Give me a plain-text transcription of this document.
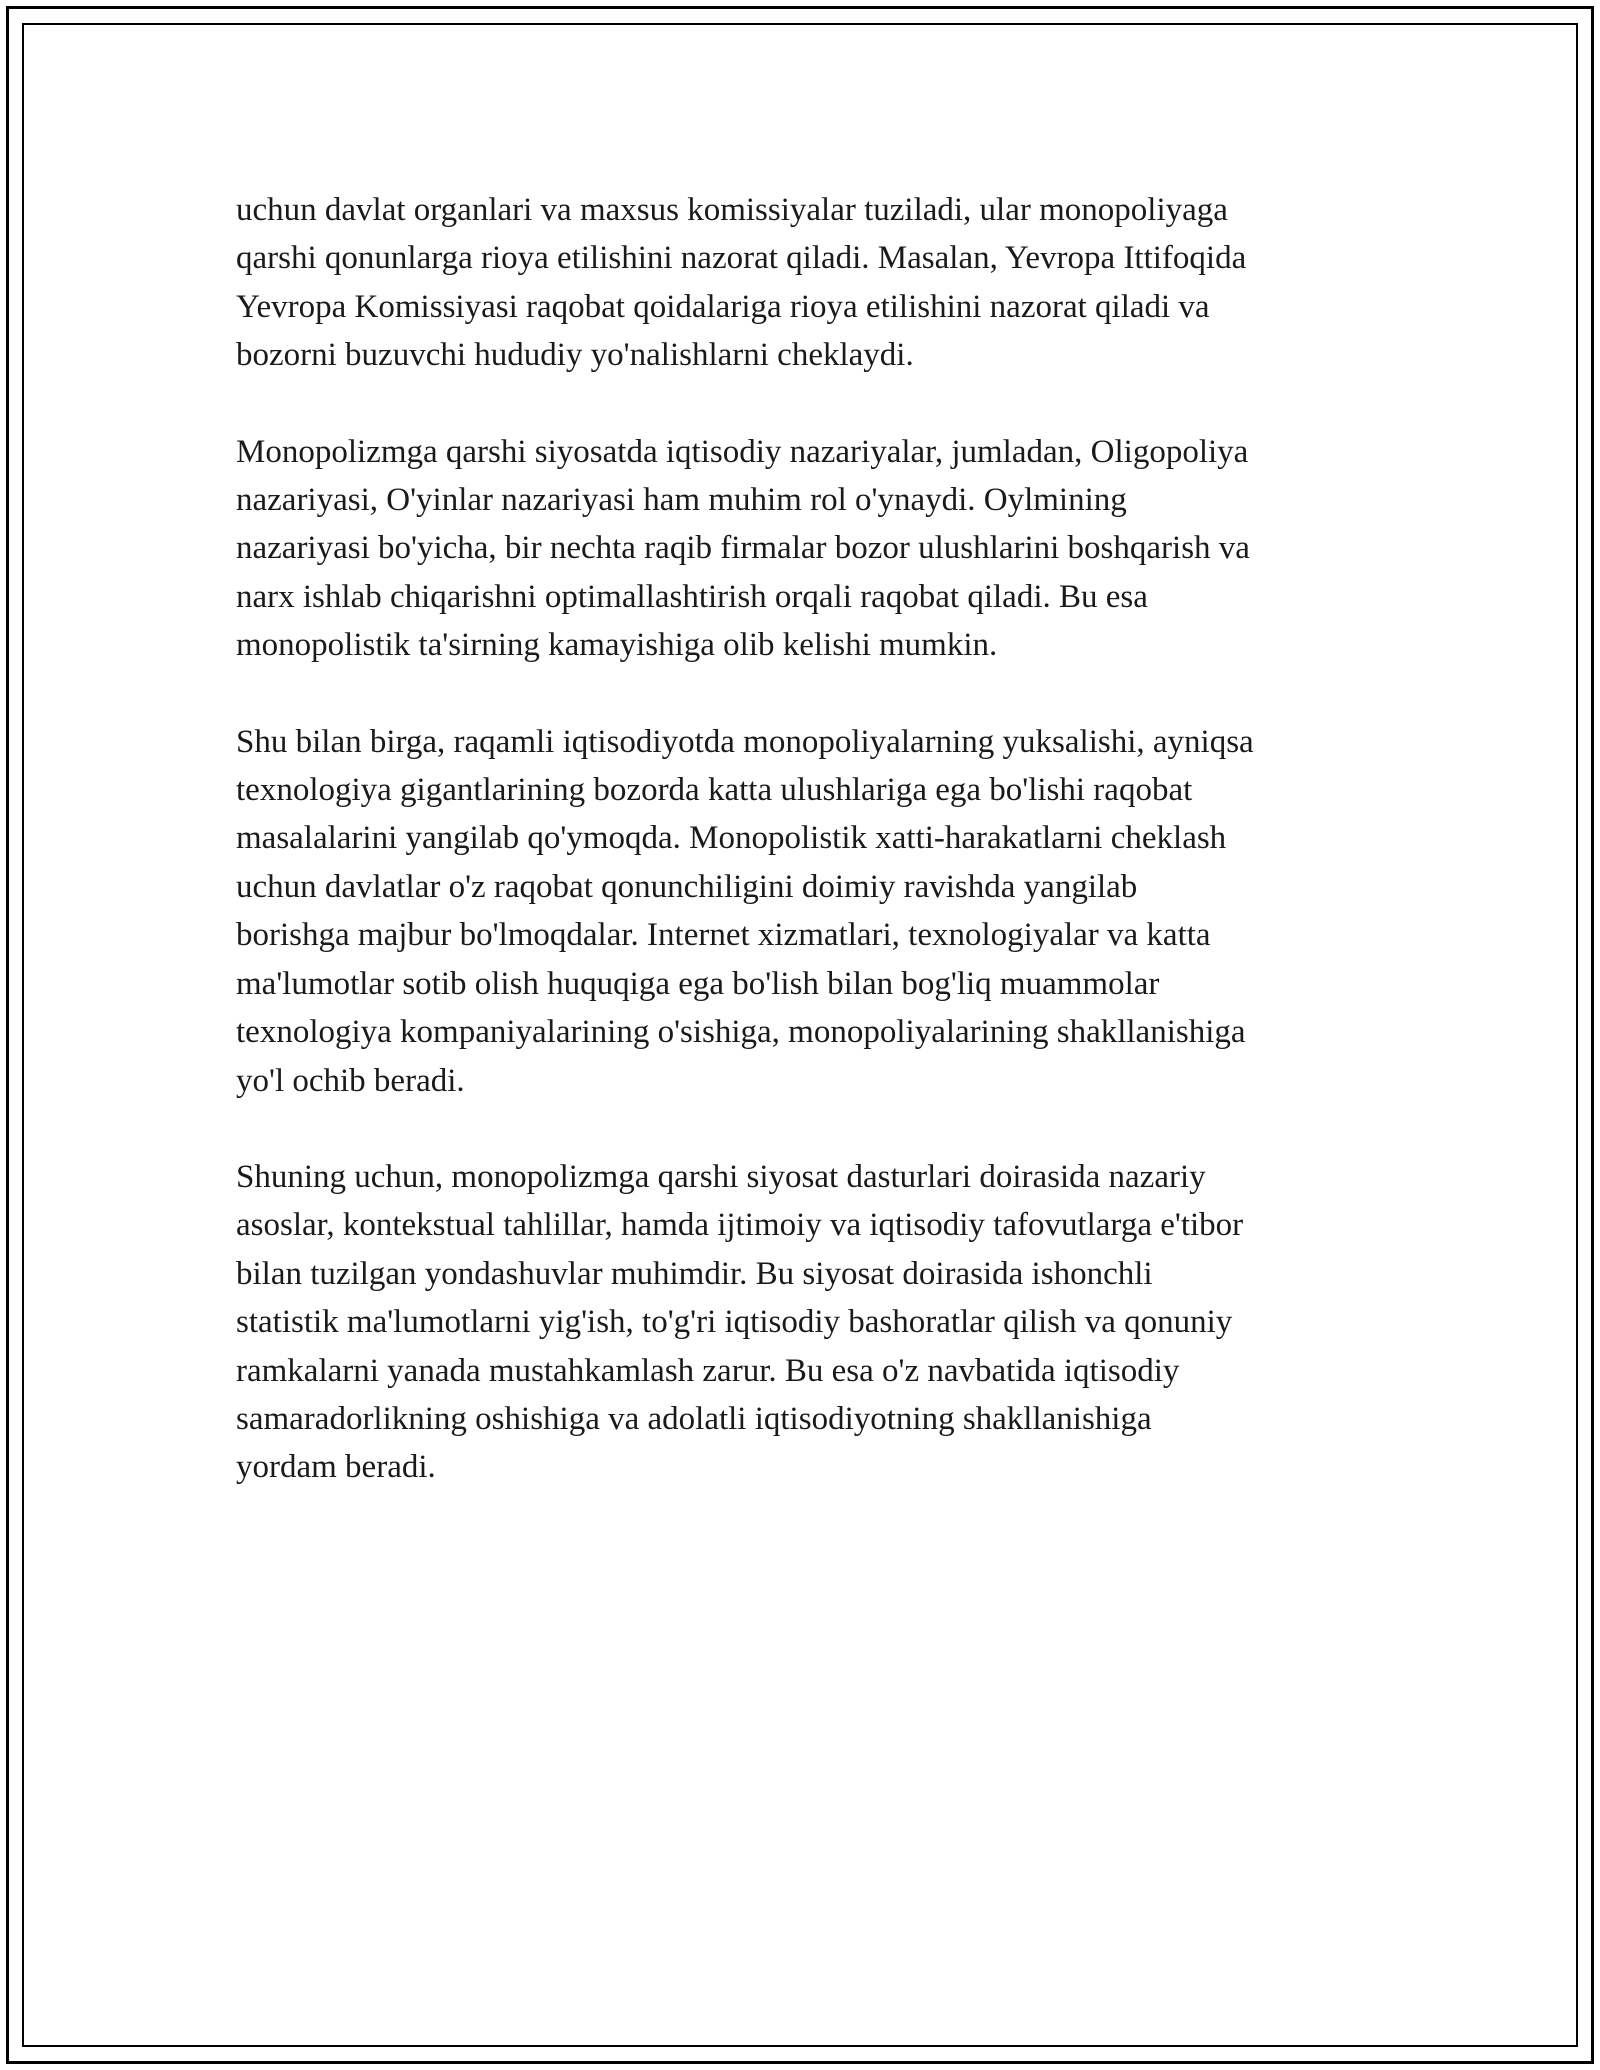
uchun davlat organlari va maxsus komissiyalar tuziladi, ular monopoliyaga
qarshi qonunlarga rioya etilishini nazorat qiladi. Masalan, Yevropa Ittifoqida
Yevropa Komissiyasi raqobat qoidalariga rioya etilishini nazorat qiladi va
bozorni buzuvchi hududiy yo'nalishlarni cheklaydi.

Monopolizmga qarshi siyosatda iqtisodiy nazariyalar, jumladan, Oligopoliya
nazariyasi, O'yinlar nazariyasi ham muhim rol o'ynaydi. Oylmining
nazariyasi bo'yicha, bir nechta raqib firmalar bozor ulushlarini boshqarish va
narx ishlab chiqarishni optimallashtirish orqali raqobat qiladi. Bu esa
monopolistik ta'sirning kamayishiga olib kelishi mumkin.

Shu bilan birga, raqamli iqtisodiyotda monopoliyalarning yuksalishi, ayniqsa
texnologiya gigantlarining bozorda katta ulushlariga ega bo'lishi raqobat
masalalarini yangilab qo'ymoqda. Monopolistik xatti-harakatlarni cheklash
uchun davlatlar o'z raqobat qonunchiligini doimiy ravishda yangilab
borishga majbur bo'lmoqdalar. Internet xizmatlari, texnologiyalar va katta
ma'lumotlar sotib olish huquqiga ega bo'lish bilan bog'liq muammolar
texnologiya kompaniyalarining o'sishiga, monopoliyalarining shakllanishiga
yo'l ochib beradi.

Shuning uchun, monopolizmga qarshi siyosat dasturlari doirasida nazariy
asoslar, kontekstual tahlillar, hamda ijtimoiy va iqtisodiy tafovutlarga e'tibor
bilan tuzilgan yondashuvlar muhimdir. Bu siyosat doirasida ishonchli
statistik ma'lumotlarni yig'ish, to'g'ri iqtisodiy bashoratlar qilish va qonuniy
ramkalarni yanada mustahkamlash zarur. Bu esa o'z navbatida iqtisodiy
samaradorlikning oshishiga va adolatli iqtisodiyotning shakllanishiga
yordam beradi.
